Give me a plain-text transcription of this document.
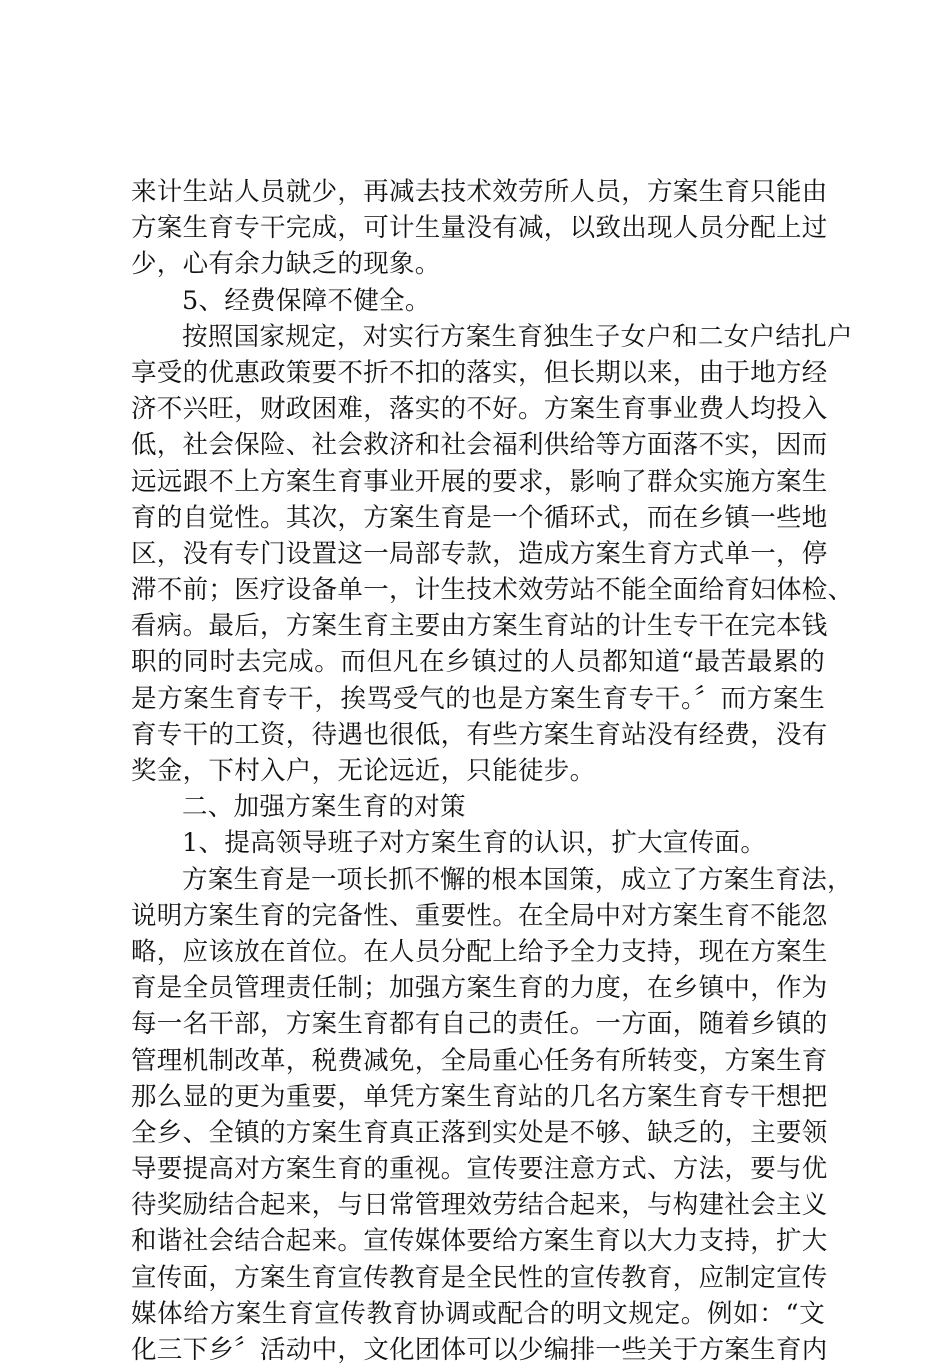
来计生站人员就少，再减去技术效劳所人员，方案生育只能由
方案生育专干完成，可计生量没有减，以致出现人员分配上过
少，心有余力缺乏的现象。
5、经费保障不健全。
按照国家规定，对实行方案生育独生子女户和二女户结扎户
享受的优惠政策要不折不扣的落实，但长期以来，由于地方经
济不兴旺，财政困难，落实的不好。方案生育事业费人均投入
低，社会保险、社会救济和社会福利供给等方面落不实，因而
远远跟不上方案生育事业开展的要求，影响了群众实施方案生
育的自觉性。其次，方案生育是一个循环式，而在乡镇一些地
区，没有专门设置这一局部专款，造成方案生育方式单一，停
滞不前；医疗设备单一，计生技术效劳站不能全面给育妇体检、
看病。最后，方案生育主要由方案生育站的计生专干在完本钱
职的同时去完成。而但凡在乡镇过的人员都知道“最苦最累的
是方案生育专干，挨骂受气的也是方案生育专干。〞而方案生
育专干的工资，待遇也很低，有些方案生育站没有经费，没有
奖金，下村入户，无论远近，只能徒步。
二、加强方案生育的对策
1、提高领导班子对方案生育的认识，扩大宣传面。
方案生育是一项长抓不懈的根本国策，成立了方案生育法，
说明方案生育的完备性、重要性。在全局中对方案生育不能忽
略，应该放在首位。在人员分配上给予全力支持，现在方案生
育是全员管理责任制；加强方案生育的力度，在乡镇中，作为
每一名干部，方案生育都有自己的责任。一方面，随着乡镇的
管理机制改革，税费减免，全局重心任务有所转变，方案生育
那么显的更为重要，单凭方案生育站的几名方案生育专干想把
全乡、全镇的方案生育真正落到实处是不够、缺乏的，主要领
导要提高对方案生育的重视。宣传要注意方式、方法，要与优
待奖励结合起来，与日常管理效劳结合起来，与构建社会主义
和谐社会结合起来。宣传媒体要给方案生育以大力支持，扩大
宣传面，方案生育宣传教育是全民性的宣传教育，应制定宣传
媒体给方案生育宣传教育协调或配合的明文规定。例如：“文
化三下乡〞活动中，文化团体可以少编排一些关于方案生育内
